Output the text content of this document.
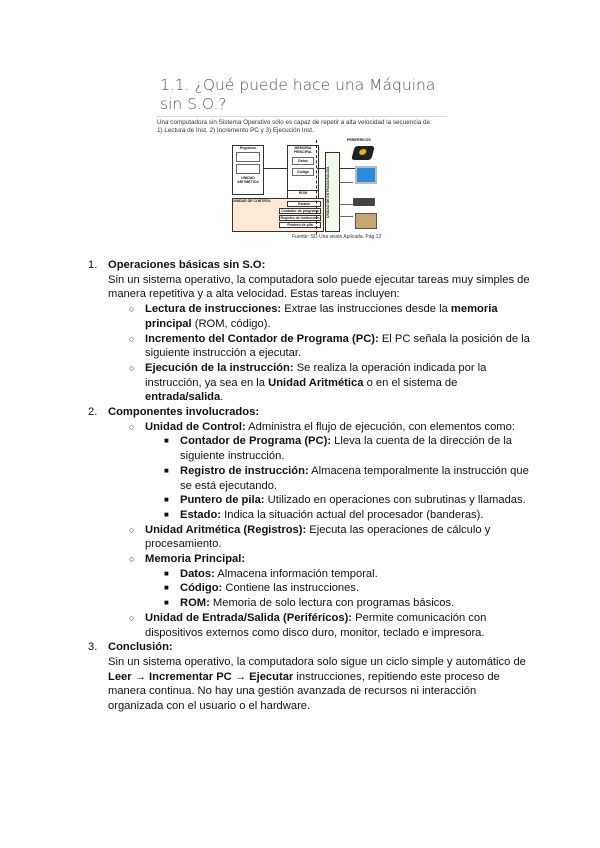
1.1. ¿Qué puede hace una Máquina sin S.O.?
Una computadora sin Sistema Operativo sólo es capaz de repetir a alta velocidad la secuencia de:
1) Lectura de Inst. 2) Incremento PC y 3) Ejecución Inst.
Registros
UNIDAD ARITMÉTICA
MEMORIA PRINCIPAL
Datos
Código
ROM
UNIDAD DE CONTROL
Estado
Contador de programa
Registro de instrucción
Puntero de pila
UNIDAD DE ENTRADA/SALIDA
PERIFÉRICOS
Fuente: SO Una visión Aplicada. Pág 12
1. Operaciones básicas sin S.O:
Sin un sistema operativo, la computadora solo puede ejecutar tareas muy simples de manera repetitiva y a alta velocidad. Estas tareas incluyen:
○ Lectura de instrucciones: Extrae las instrucciones desde la memoria principal (ROM, código).
○ Incremento del Contador de Programa (PC): El PC señala la posición de la siguiente instrucción a ejecutar.
○ Ejecución de la instrucción: Se realiza la operación indicada por la instrucción, ya sea en la Unidad Aritmética o en el sistema de entrada/salida.
2. Componentes involucrados:
○ Unidad de Control: Administra el flujo de ejecución, con elementos como:
■ Contador de Programa (PC): Lleva la cuenta de la dirección de la siguiente instrucción.
■ Registro de instrucción: Almacena temporalmente la instrucción que se está ejecutando.
■ Puntero de pila: Utilizado en operaciones con subrutinas y llamadas.
■ Estado: Indica la situación actual del procesador (banderas).
○ Unidad Aritmética (Registros): Ejecuta las operaciones de cálculo y procesamiento.
○ Memoria Principal:
■ Datos: Almacena información temporal.
■ Código: Contiene las instrucciones.
■ ROM: Memoria de solo lectura con programas básicos.
○ Unidad de Entrada/Salida (Periféricos): Permite comunicación con dispositivos externos como disco duro, monitor, teclado e impresora.
3. Conclusión:
Sin un sistema operativo, la computadora solo sigue un ciclo simple y automático de Leer → Incrementar PC → Ejecutar instrucciones, repitiendo este proceso de manera continua. No hay una gestión avanzada de recursos ni interacción organizada con el usuario o el hardware.
